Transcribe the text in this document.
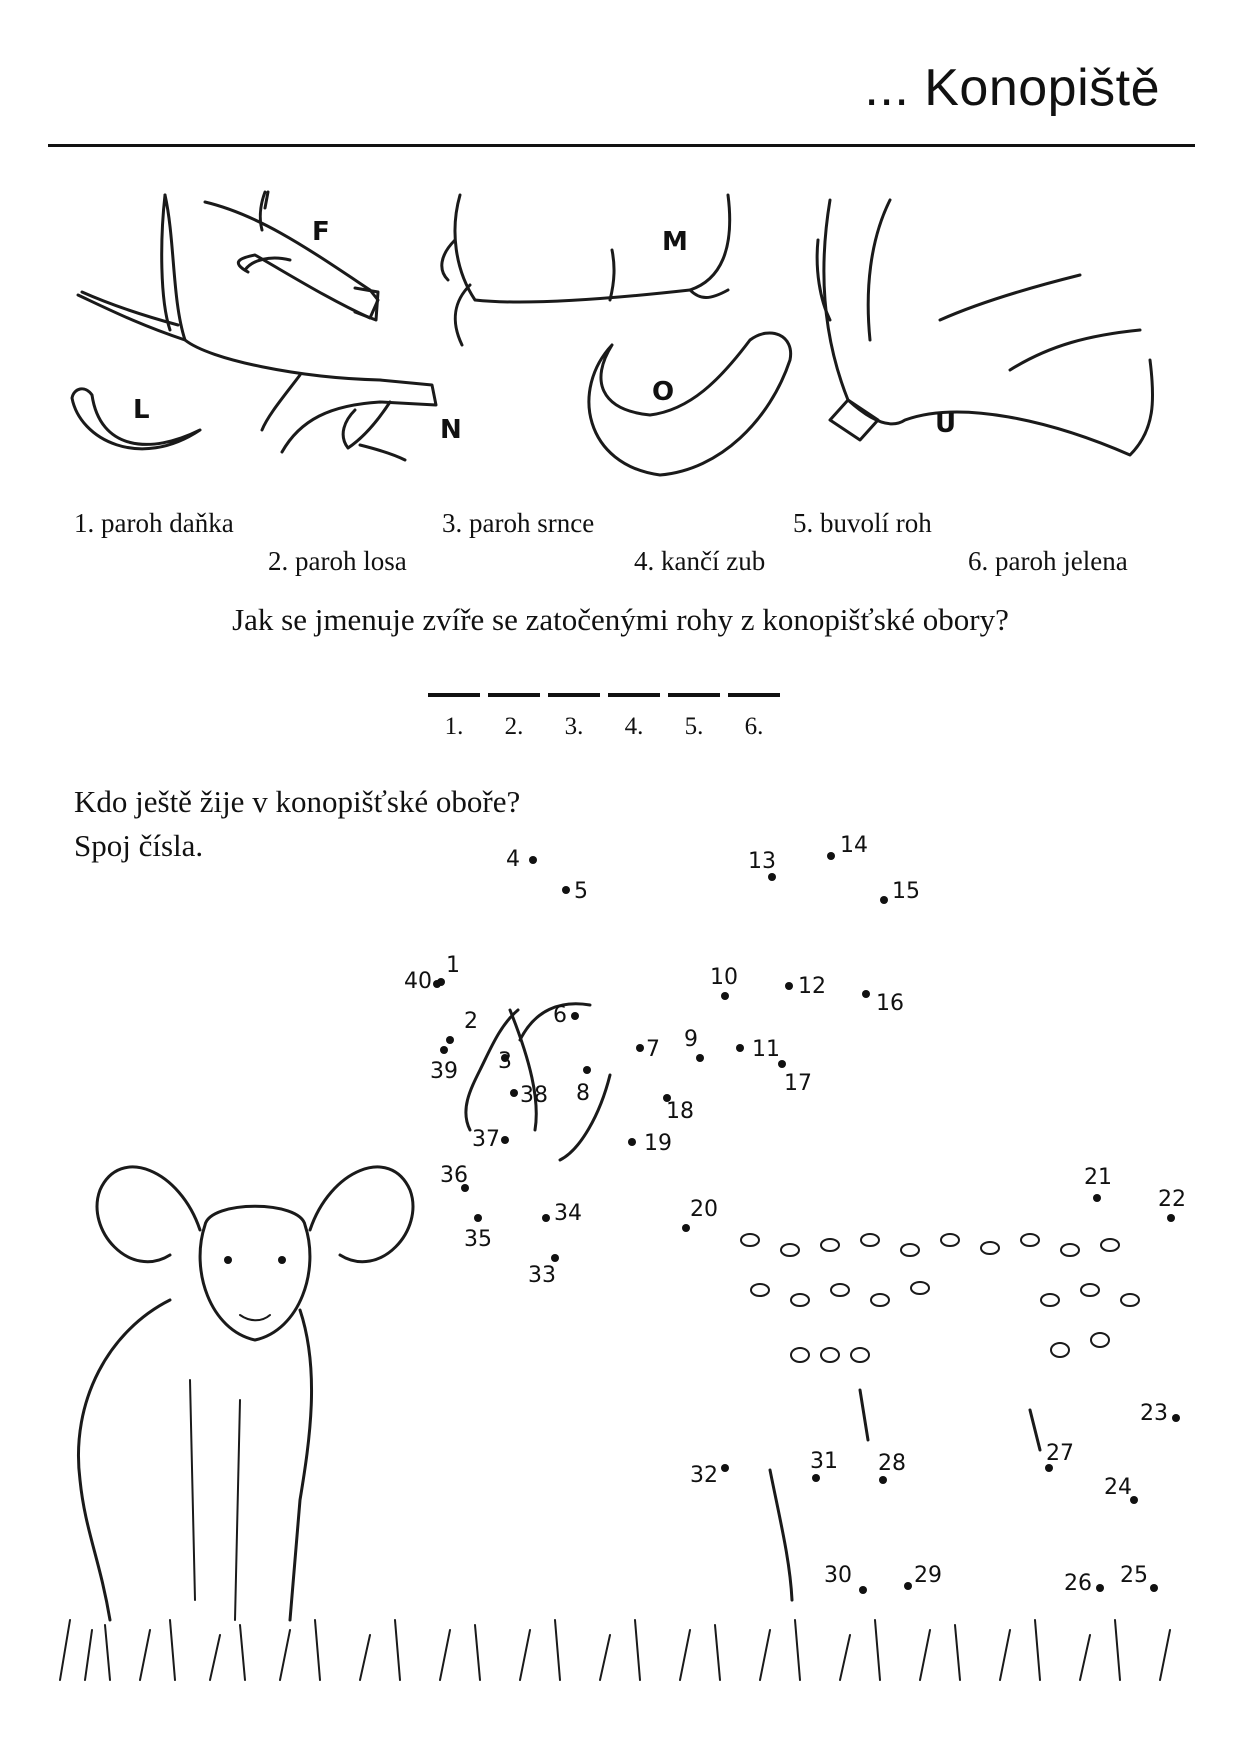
... Konopiště
F
N
L
M
O
U
1. paroh daňka
2. paroh losa
3. paroh srnce
4. kančí zub
5. buvolí roh
6. paroh jelena
Jak se jmenuje zvíře se zatočenými rohy z konopišťské obory?
1.	2.	3.	4.	5.	6.
Kdo ještě žije v konopišťské oboře?
Spoj čísla.
1
2
3
4
5
6
7
8
9
10
11
12
13
14
15
16
17
18
19
20
21
22
23
24
25
26
27
28
29
30
31
32
33
34
35
36
37
38
39
40
